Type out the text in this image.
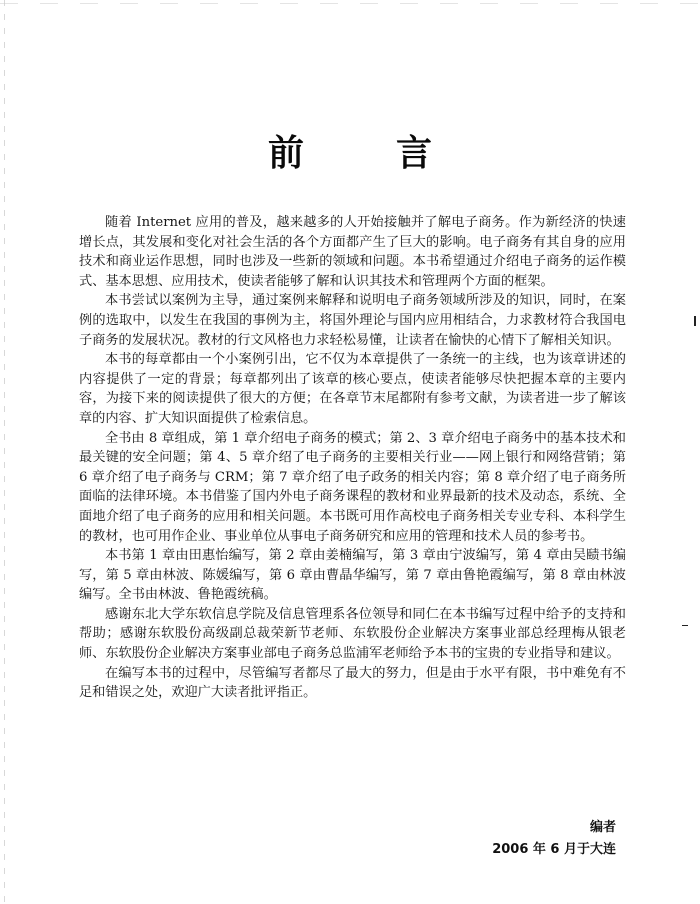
前　言

随着 Internet 应用的普及，越来越多的人开始接触并了解电子商务。作为新经济的快速增长点，其发展和变化对社会生活的各个方面都产生了巨大的影响。电子商务有其自身的应用技术和商业运作思想，同时也涉及一些新的领域和问题。本书希望通过介绍电子商务的运作模式、基本思想、应用技术，使读者能够了解和认识其技术和管理两个方面的框架。

本书尝试以案例为主导，通过案例来解释和说明电子商务领域所涉及的知识，同时，在案例的选取中，以发生在我国的事例为主，将国外理论与国内应用相结合，力求教材符合我国电子商务的发展状况。教材的行文风格也力求轻松易懂，让读者在愉快的心情下了解相关知识。

本书的每章都由一个小案例引出，它不仅为本章提供了一条统一的主线，也为该章讲述的内容提供了一定的背景；每章都列出了该章的核心要点，使读者能够尽快把握本章的主要内容，为接下来的阅读提供了很大的方便；在各章节末尾都附有参考文献，为读者进一步了解该章的内容、扩大知识面提供了检索信息。

全书由 8 章组成，第 1 章介绍电子商务的模式；第 2、3 章介绍电子商务中的基本技术和最关键的安全问题；第 4、5 章介绍了电子商务的主要相关行业——网上银行和网络营销；第 6 章介绍了电子商务与 CRM；第 7 章介绍了电子政务的相关内容；第 8 章介绍了电子商务所面临的法律环境。本书借鉴了国内外电子商务课程的教材和业界最新的技术及动态，系统、全面地介绍了电子商务的应用和相关问题。本书既可用作高校电子商务相关专业专科、本科学生的教材，也可用作企业、事业单位从事电子商务研究和应用的管理和技术人员的参考书。

本书第 1 章由田惠怡编写，第 2 章由姜楠编写，第 3 章由宁波编写，第 4 章由吴赜书编写，第 5 章由林波、陈媛编写，第 6 章由曹晶华编写，第 7 章由鲁艳霞编写，第 8 章由林波编写。全书由林波、鲁艳霞统稿。

感谢东北大学东软信息学院及信息管理系各位领导和同仁在本书编写过程中给予的支持和帮助；感谢东软股份高级副总裁荣新节老师、东软股份企业解决方案事业部总经理梅从银老师、东软股份企业解决方案事业部电子商务总监浦军老师给予本书的宝贵的专业指导和建议。

在编写本书的过程中，尽管编写者都尽了最大的努力，但是由于水平有限，书中难免有不足和错误之处，欢迎广大读者批评指正。

编者
2006 年 6 月于大连
